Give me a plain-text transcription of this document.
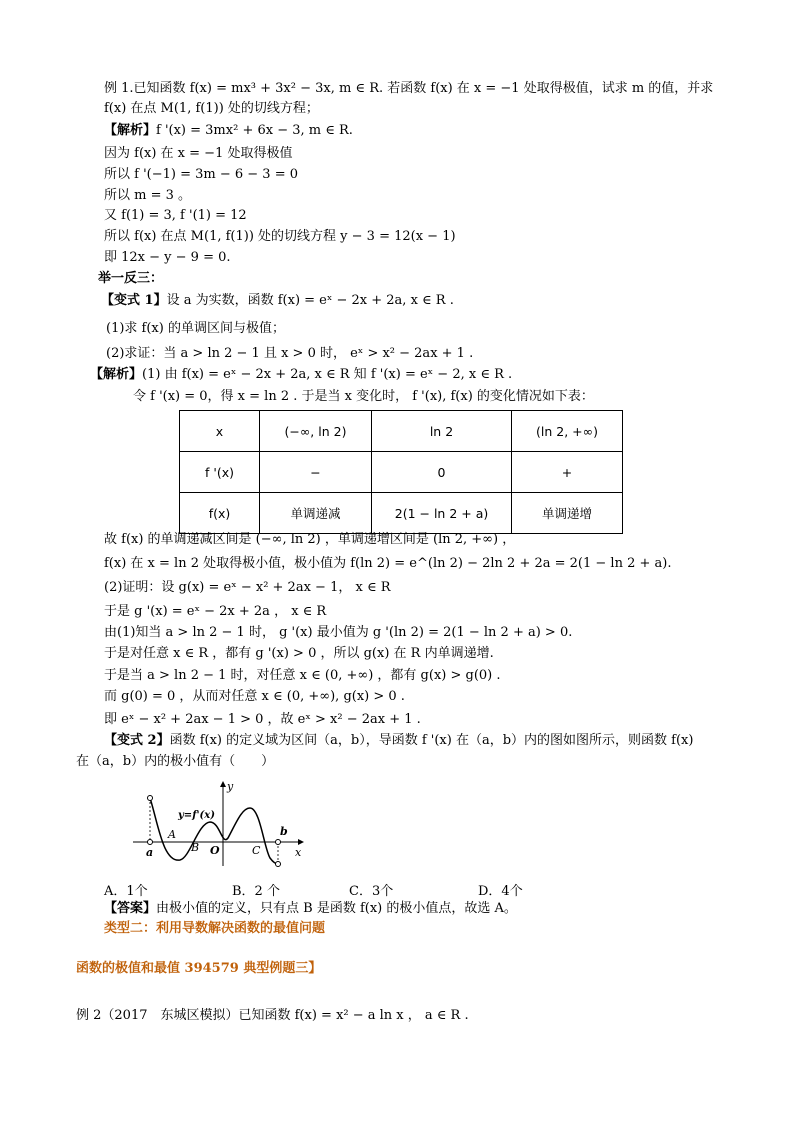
例 1.已知函数 f(x) = mx³ + 3x² − 3x, m ∈ R. 若函数 f(x) 在 x = −1 处取得极值，试求 m 的值，并求
f(x) 在点 M(1, f(1)) 处的切线方程；
【解析】f '(x) = 3mx² + 6x − 3, m ∈ R.
因为 f(x) 在 x = −1 处取得极值
所以 f '(−1) = 3m − 6 − 3 = 0
所以 m = 3 。
又 f(1) = 3, f '(1) = 12
所以 f(x) 在点 M(1, f(1)) 处的切线方程 y − 3 = 12(x − 1)
即 12x − y − 9 = 0.
举一反三：
【变式 1】设 a 为实数，函数 f(x) = eˣ − 2x + 2a, x ∈ R .
(1)求 f(x) 的单调区间与极值；
(2)求证：当 a > ln 2 − 1 且 x > 0 时， eˣ > x² − 2ax + 1 .
【解析】(1) 由 f(x) = eˣ − 2x + 2a, x ∈ R 知 f '(x) = eˣ − 2, x ∈ R .
令 f '(x) = 0，得 x = ln 2 . 于是当 x 变化时， f '(x), f(x) 的变化情况如下表：
x	(−∞, ln 2)	ln 2	(ln 2, +∞)
f '(x)	−	0	+
f(x)	单调递减	2(1 − ln 2 + a)	单调递增
故 f(x) 的单调递减区间是 (−∞, ln 2) ，单调递增区间是 (ln 2, +∞) ，
f(x) 在 x = ln 2 处取得极小值，极小值为 f(ln 2) = e^(ln 2) − 2ln 2 + 2a = 2(1 − ln 2 + a).
(2)证明：设 g(x) = eˣ − x² + 2ax − 1， x ∈ R
于是 g '(x) = eˣ − 2x + 2a ， x ∈ R
由(1)知当 a > ln 2 − 1 时， g '(x) 最小值为 g '(ln 2) = 2(1 − ln 2 + a) > 0.
于是对任意 x ∈ R ，都有 g '(x) > 0 ，所以 g(x) 在 R 内单调递增.
于是当 a > ln 2 − 1 时，对任意 x ∈ (0, +∞) ，都有 g(x) > g(0) .
而 g(0) = 0 ，从而对任意 x ∈ (0, +∞), g(x) > 0 .
即 eˣ − x² + 2ax − 1 > 0 ，故 eˣ > x² − 2ax + 1 .
【变式 2】函数 f(x) 的定义域为区间（a，b），导函数 f '(x) 在（a，b）内的图如图所示，则函数 f(x)
在（a，b）内的极小值有（　　）
y
x
y=f'(x)
a
b
O
A
B	C
A．1个	B．2 个	C．3个	D．4个
【答案】由极小值的定义，只有点 B 是函数 f(x) 的极小值点，故选 A。
类型二：利用导数解决函数的最值问题
函数的极值和最值 394579 典型例题三】
例 2（2017　东城区模拟）已知函数 f(x) = x² − a ln x ， a ∈ R .
